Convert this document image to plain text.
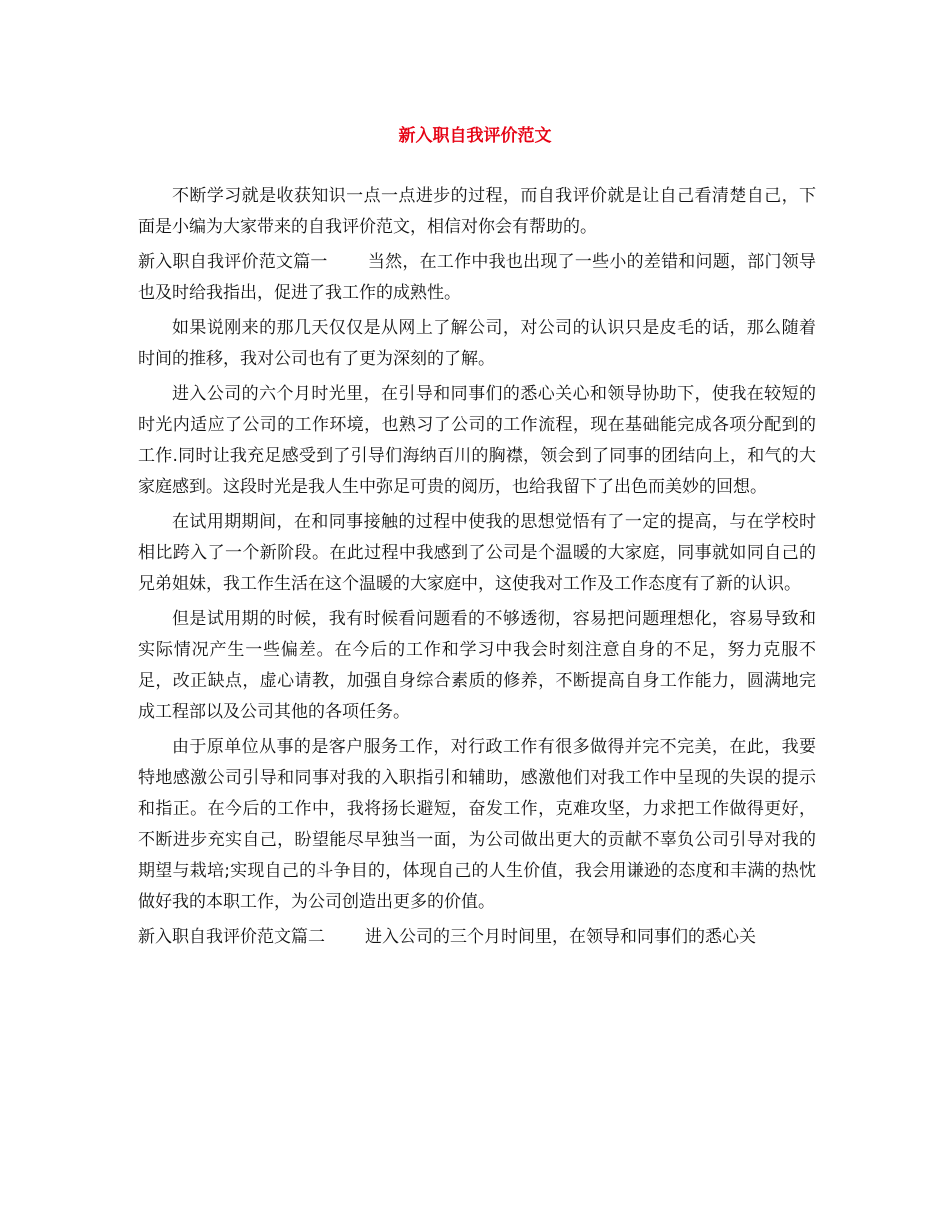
新入职自我评价范文

不断学习就是收获知识一点一点进步的过程，而自我评价就是让自己看清楚自己，下面是小编为大家带来的自我评价范文，相信对你会有帮助的。

新入职自我评价范文篇一 当然，在工作中我也出现了一些小的差错和问题，部门领导也及时给我指出，促进了我工作的成熟性。

如果说刚来的那几天仅仅是从网上了解公司，对公司的认识只是皮毛的话，那么随着时间的推移，我对公司也有了更为深刻的了解。

进入公司的六个月时光里，在引导和同事们的悉心关心和领导协助下，使我在较短的时光内适应了公司的工作环境，也熟习了公司的工作流程，现在基础能完成各项分配到的工作.同时让我充足感受到了引导们海纳百川的胸襟，领会到了同事的团结向上，和气的大家庭感到。这段时光是我人生中弥足可贵的阅历，也给我留下了出色而美妙的回想。

在试用期期间，在和同事接触的过程中使我的思想觉悟有了一定的提高，与在学校时相比跨入了一个新阶段。在此过程中我感到了公司是个温暖的大家庭，同事就如同自己的兄弟姐妹，我工作生活在这个温暖的大家庭中，这使我对工作及工作态度有了新的认识。

但是试用期的时候，我有时候看问题看的不够透彻，容易把问题理想化，容易导致和实际情况产生一些偏差。在今后的工作和学习中我会时刻注意自身的不足，努力克服不足，改正缺点，虚心请教，加强自身综合素质的修养，不断提高自身工作能力，圆满地完成工程部以及公司其他的各项任务。

由于原单位从事的是客户服务工作，对行政工作有很多做得并完不完美，在此，我要特地感激公司引导和同事对我的入职指引和辅助，感激他们对我工作中呈现的失误的提示和指正。在今后的工作中，我将扬长避短，奋发工作，克难攻坚，力求把工作做得更好，不断进步充实自己，盼望能尽早独当一面，为公司做出更大的贡献不辜负公司引导对我的期望与栽培;实现自己的斗争目的，体现自己的人生价值，我会用谦逊的态度和丰满的热忱做好我的本职工作，为公司创造出更多的价值。

新入职自我评价范文篇二 进入公司的三个月时间里，在领导和同事们的悉心关
